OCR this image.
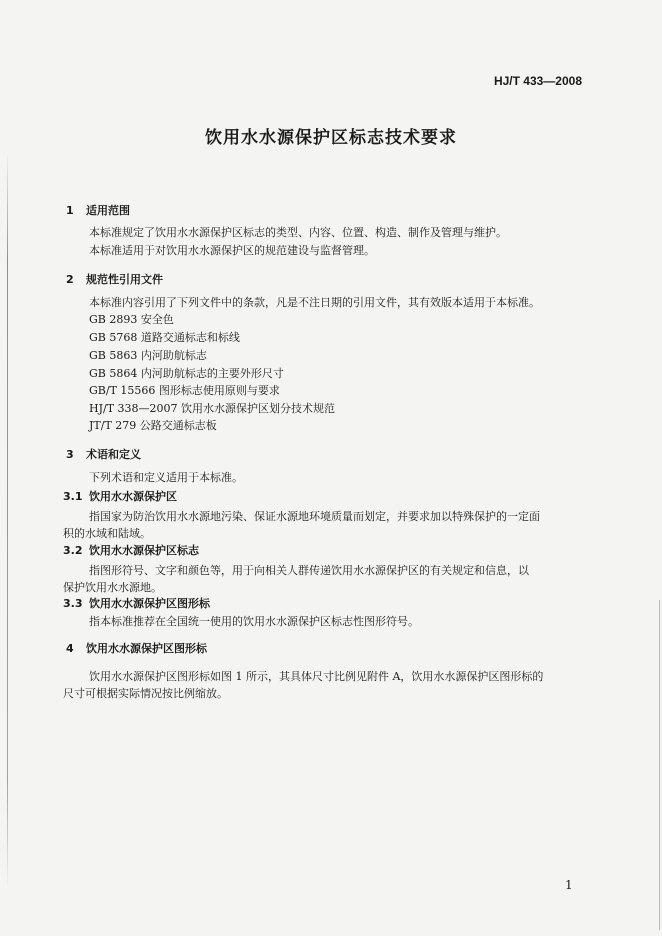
HJ/T 433—2008
饮用水水源保护区标志技术要求
1 适用范围
本标准规定了饮用水水源保护区标志的类型、内容、位置、构造、制作及管理与维护。
本标准适用于对饮用水水源保护区的规范建设与监督管理。
2 规范性引用文件
本标准内容引用了下列文件中的条款，凡是不注日期的引用文件，其有效版本适用于本标准。
GB 2893 安全色
GB 5768 道路交通标志和标线
GB 5863 内河助航标志
GB 5864 内河助航标志的主要外形尺寸
GB/T 15566 图形标志使用原则与要求
HJ/T 338—2007 饮用水水源保护区划分技术规范
JT/T 279 公路交通标志板
3 术语和定义
下列术语和定义适用于本标准。
3.1 饮用水水源保护区
指国家为防治饮用水水源地污染、保证水源地环境质量而划定，并要求加以特殊保护的一定面
积的水域和陆域。
3.2 饮用水水源保护区标志
指图形符号、文字和颜色等，用于向相关人群传递饮用水水源保护区的有关规定和信息，以
保护饮用水水源地。
3.3 饮用水水源保护区图形标
指本标准推荐在全国统一使用的饮用水水源保护区标志性图形符号。
4 饮用水水源保护区图形标
饮用水水源保护区图形标如图 1 所示，其具体尺寸比例见附件 A，饮用水水源保护区图形标的
尺寸可根据实际情况按比例缩放。
1
